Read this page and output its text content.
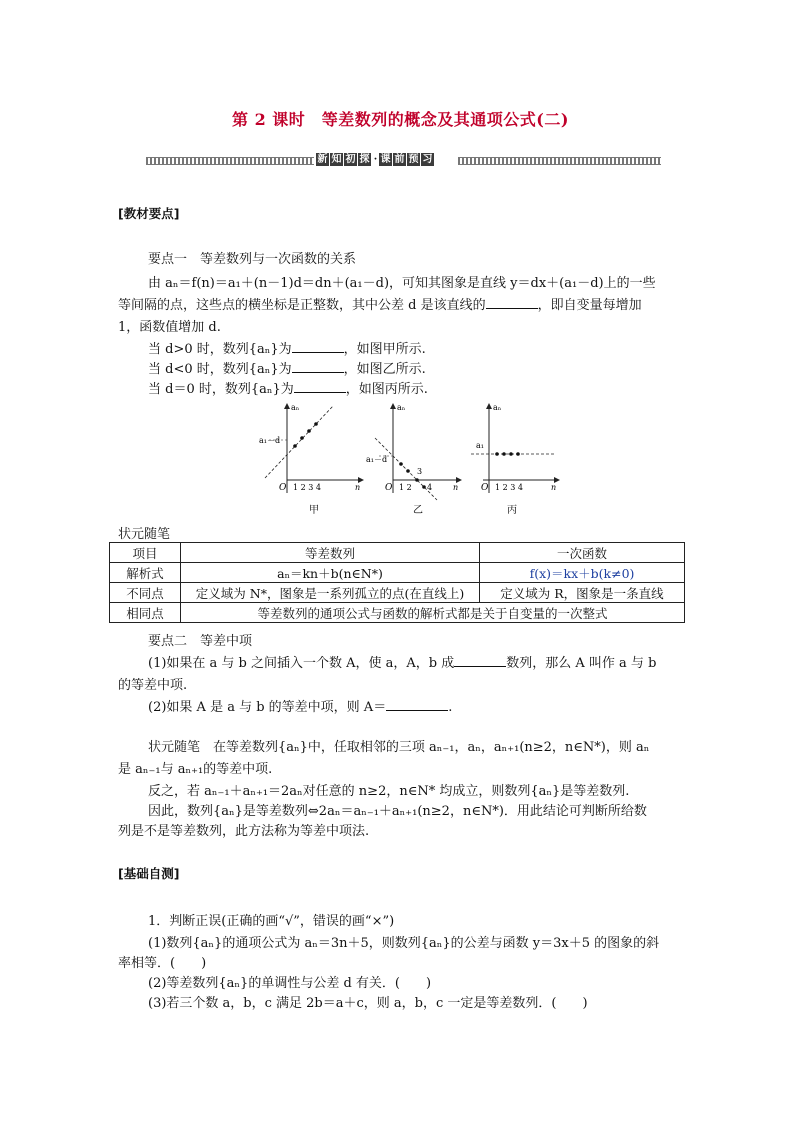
第 2 课时　等差数列的概念及其通项公式(二)
新 知 初 探 · 课 前 预 习
[教材要点]
要点一　等差数列与一次函数的关系
由 aₙ＝f(n)＝a₁＋(n－1)d＝dn＋(a₁－d)，可知其图象是直线 y＝dx＋(a₁－d)上的一些
等间隔的点，这些点的横坐标是正整数，其中公差 d 是该直线的	，即自变量每增加
1，函数值增加 d.
当 d>0 时，数列{aₙ}为	，如图甲所示.
当 d<0 时，数列{aₙ}为	，如图乙所示.
当 d＝0 时，数列{aₙ}为	，如图丙所示.
aₙ
a₁－d
O 1 2 3 4	n
甲
aₙ
a₁－d
O 1 2
3
4	n
乙
aₙ
a₁
O 1 2 3 4	n
丙
状元随笔
项目	等差数列	一次函数
解析式	aₙ＝kn＋b(n∈N*)	f(x)＝kx＋b(k≠0)
不同点	定义域为 N*，图象是一系列孤立的点(在直线上)	定义域为 R，图象是一条直线
相同点	等差数列的通项公式与函数的解析式都是关于自变量的一次整式	
要点二　等差中项
(1)如果在 a 与 b 之间插入一个数 A，使 a，A，b 成	数列，那么 A 叫作 a 与 b
的等差中项.
(2)如果 A 是 a 与 b 的等差中项，则 A＝	.
状元随笔　在等差数列{aₙ}中，任取相邻的三项 aₙ₋₁，aₙ，aₙ₊₁(n≥2，n∈N*)，则 aₙ
是 aₙ₋₁与 aₙ₊₁的等差中项.
反之，若 aₙ₋₁＋aₙ₊₁＝2aₙ对任意的 n≥2，n∈N* 均成立，则数列{aₙ}是等差数列.
因此，数列{aₙ}是等差数列⇔2aₙ＝aₙ₋₁＋aₙ₊₁(n≥2，n∈N*)．用此结论可判断所给数
列是不是等差数列，此方法称为等差中项法.
[基础自测]
1．判断正误(正确的画“√”，错误的画“×”)
(1)数列{aₙ}的通项公式为 aₙ＝3n＋5，则数列{aₙ}的公差与函数 y＝3x＋5 的图象的斜
率相等．(　　)
(2)等差数列{aₙ}的单调性与公差 d 有关．(　　)
(3)若三个数 a，b，c 满足 2b＝a＋c，则 a，b，c 一定是等差数列．(　　)
